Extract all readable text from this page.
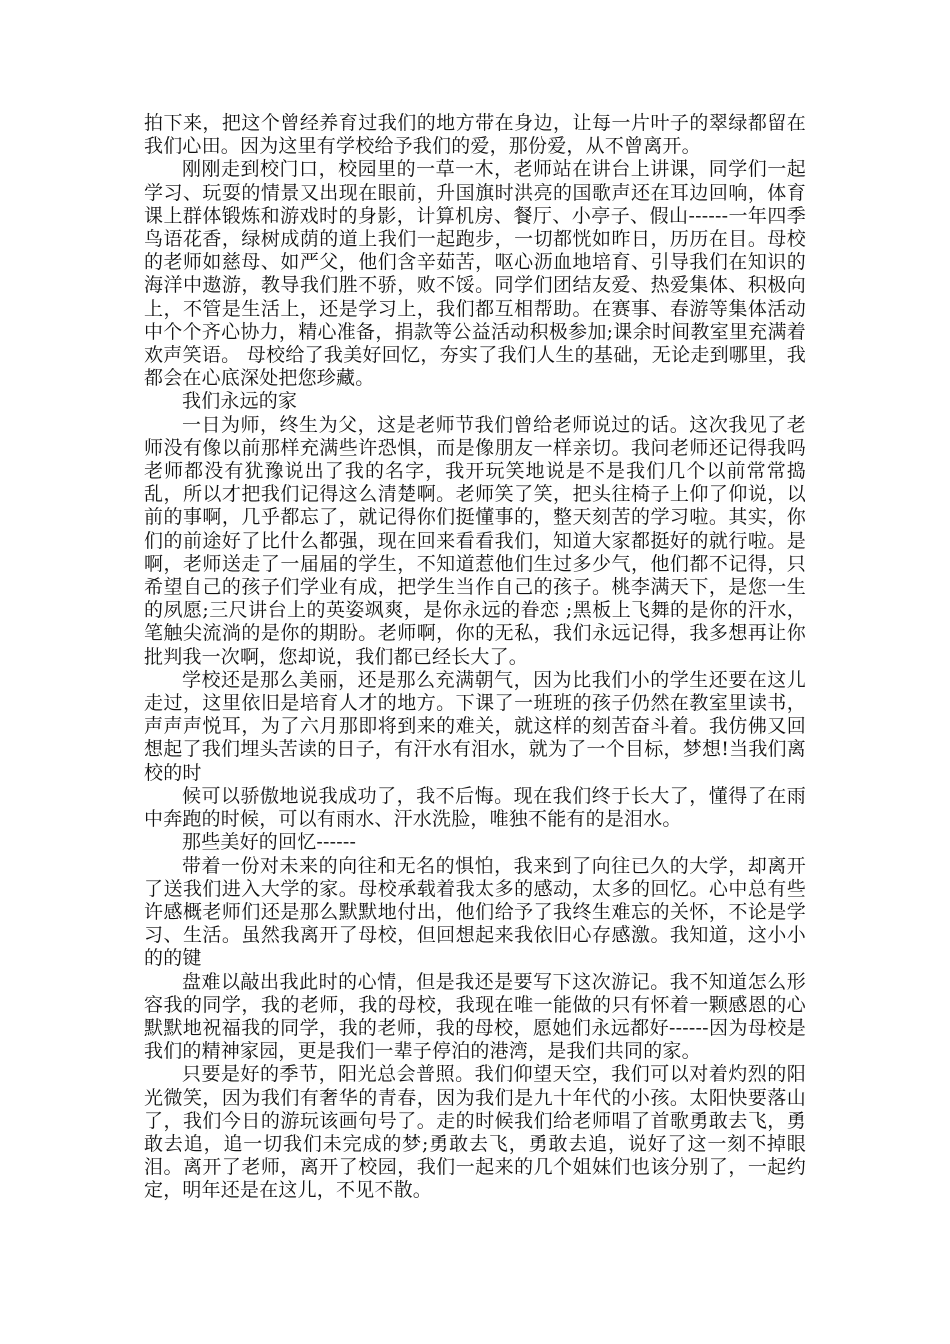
拍下来，把这个曾经养育过我们的地方带在身边，让每一片叶子的翠绿都留在我们心田。因为这里有学校给予我们的爱，那份爱，从不曾离开。

刚刚走到校门口，校园里的一草一木，老师站在讲台上讲课，同学们一起学习、玩耍的情景又出现在眼前，升国旗时洪亮的国歌声还在耳边回响，体育课上群体锻炼和游戏时的身影，计算机房、餐厅、小亭子、假山------一年四季鸟语花香，绿树成荫的道上我们一起跑步，一切都恍如昨日，历历在目。母校的老师如慈母、如严父，他们含辛茹苦，呕心沥血地培育、引导我们在知识的海洋中遨游，教导我们胜不骄，败不馁。同学们团结友爱、热爱集体、积极向上，不管是生活上，还是学习上，我们都互相帮助。在赛事、春游等集体活动中个个齐心协力，精心准备，捐款等公益活动积极参加;课余时间教室里充满着欢声笑语。 母校给了我美好回忆，夯实了我们人生的基础，无论走到哪里，我都会在心底深处把您珍藏。

我们永远的家

一日为师，终生为父，这是老师节我们曾给老师说过的话。这次我见了老师没有像以前那样充满些许恐惧，而是像朋友一样亲切。我问老师还记得我吗老师都没有犹豫说出了我的名字，我开玩笑地说是不是我们几个以前常常捣乱，所以才把我们记得这么清楚啊。老师笑了笑，把头往椅子上仰了仰说，以前的事啊，几乎都忘了，就记得你们挺懂事的，整天刻苦的学习啦。其实，你们的前途好了比什么都强，现在回来看看我们，知道大家都挺好的就行啦。是啊，老师送走了一届届的学生，不知道惹他们生过多少气，他们都不记得，只希望自己的孩子们学业有成，把学生当作自己的孩子。桃李满天下，是您一生的夙愿;三尺讲台上的英姿飒爽，是你永远的眷恋 ;黑板上飞舞的是你的汗水，笔触尖流淌的是你的期盼。老师啊，你的无私，我们永远记得，我多想再让你批判我一次啊，您却说，我们都已经长大了。

学校还是那么美丽，还是那么充满朝气，因为比我们小的学生还要在这儿走过，这里依旧是培育人才的地方。下课了一班班的孩子仍然在教室里读书，声声声悦耳，为了六月那即将到来的难关，就这样的刻苦奋斗着。我仿佛又回想起了我们埋头苦读的日子，有汗水有泪水，就为了一个目标，梦想!当我们离校的时

候可以骄傲地说我成功了，我不后悔。现在我们终于长大了，懂得了在雨中奔跑的时候，可以有雨水、汗水洗脸，唯独不能有的是泪水。

那些美好的回忆------

带着一份对未来的向往和无名的惧怕，我来到了向往已久的大学，却离开了送我们进入大学的家。母校承载着我太多的感动，太多的回忆。心中总有些许感概老师们还是那么默默地付出，他们给予了我终生难忘的关怀，不论是学习、生活。虽然我离开了母校，但回想起来我依旧心存感激。我知道，这小小的的键

盘难以敲出我此时的心情，但是我还是要写下这次游记。我不知道怎么形容我的同学，我的老师，我的母校，我现在唯一能做的只有怀着一颗感恩的心默默地祝福我的同学，我的老师，我的母校，愿她们永远都好------因为母校是我们的精神家园，更是我们一辈子停泊的港湾，是我们共同的家。

只要是好的季节，阳光总会普照。我们仰望天空，我们可以对着灼烈的阳光微笑，因为我们有奢华的青春，因为我们是九十年代的小孩。太阳快要落山了，我们今日的游玩该画句号了。走的时候我们给老师唱了首歌勇敢去飞，勇敢去追，追一切我们未完成的梦;勇敢去飞，勇敢去追，说好了这一刻不掉眼泪。离开了老师，离开了校园，我们一起来的几个姐妹们也该分别了，一起约定，明年还是在这儿，不见不散。
